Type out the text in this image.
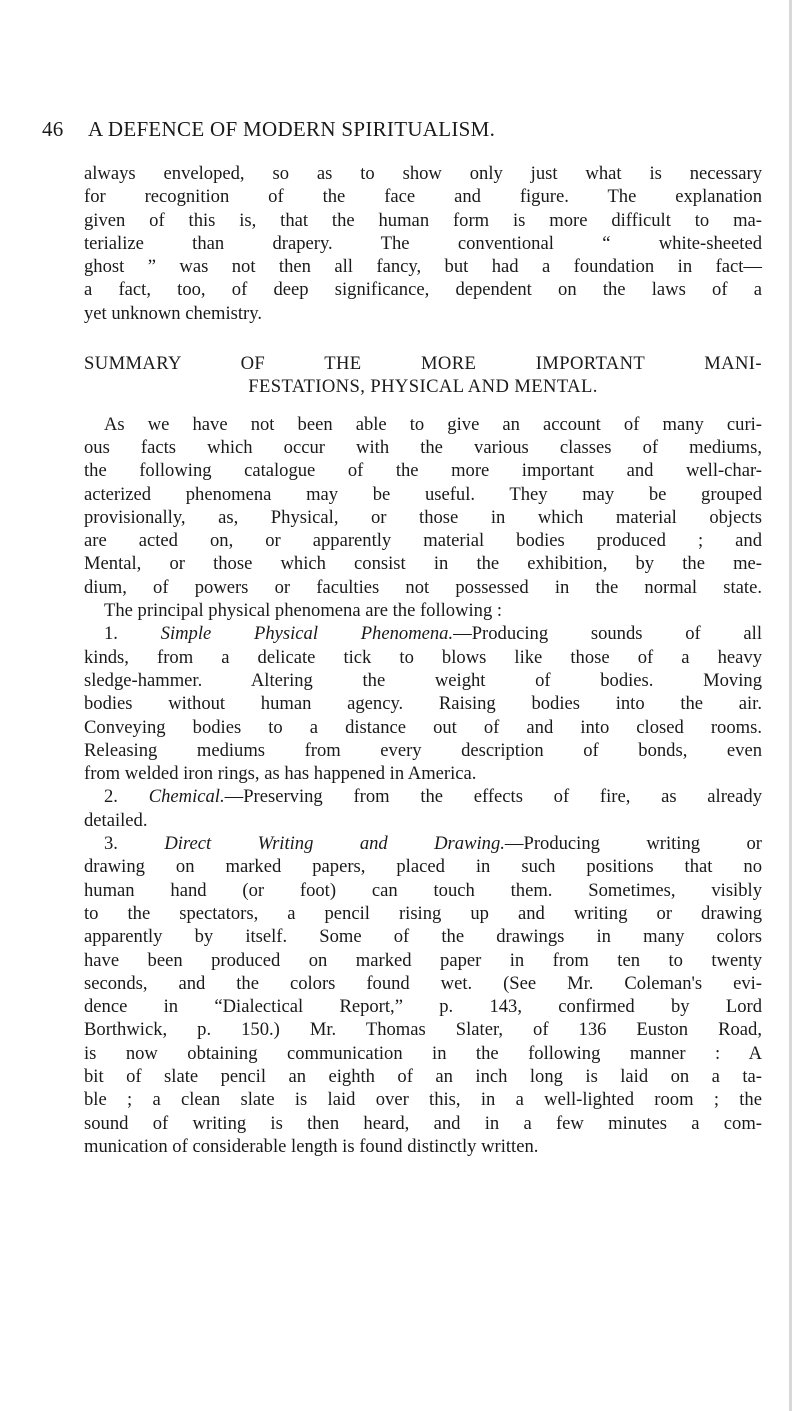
46 A DEFENCE OF MODERN SPIRITUALISM.
always enveloped, so as to show only just what is necessary
for recognition of the face and figure. The explanation
given of this is, that the human form is more difficult to ma-
terialize than drapery. The conventional “ white-sheeted
ghost ” was not then all fancy, but had a foundation in fact—
a fact, too, of deep significance, dependent on the laws of a
yet unknown chemistry.
SUMMARY OF THE MORE IMPORTANT MANI-
FESTATIONS, PHYSICAL AND MENTAL.
As we have not been able to give an account of many curi-
ous facts which occur with the various classes of mediums,
the following catalogue of the more important and well-char-
acterized phenomena may be useful. They may be grouped
provisionally, as, Physical, or those in which material objects
are acted on, or apparently material bodies produced ; and
Mental, or those which consist in the exhibition, by the me-
dium, of powers or faculties not possessed in the normal state.
The principal physical phenomena are the following :
1. Simple Physical Phenomena.—Producing sounds of all
kinds, from a delicate tick to blows like those of a heavy
sledge-hammer. Altering the weight of bodies. Moving
bodies without human agency. Raising bodies into the air.
Conveying bodies to a distance out of and into closed rooms.
Releasing mediums from every description of bonds, even
from welded iron rings, as has happened in America.
2. Chemical.—Preserving from the effects of fire, as already
detailed.
3. Direct Writing and Drawing.—Producing writing or
drawing on marked papers, placed in such positions that no
human hand (or foot) can touch them. Sometimes, visibly
to the spectators, a pencil rising up and writing or drawing
apparently by itself. Some of the drawings in many colors
have been produced on marked paper in from ten to twenty
seconds, and the colors found wet. (See Mr. Coleman's evi-
dence in “Dialectical Report,” p. 143, confirmed by Lord
Borthwick, p. 150.) Mr. Thomas Slater, of 136 Euston Road,
is now obtaining communication in the following manner : A
bit of slate pencil an eighth of an inch long is laid on a ta-
ble ; a clean slate is laid over this, in a well-lighted room ; the
sound of writing is then heard, and in a few minutes a com-
munication of considerable length is found distinctly written.
